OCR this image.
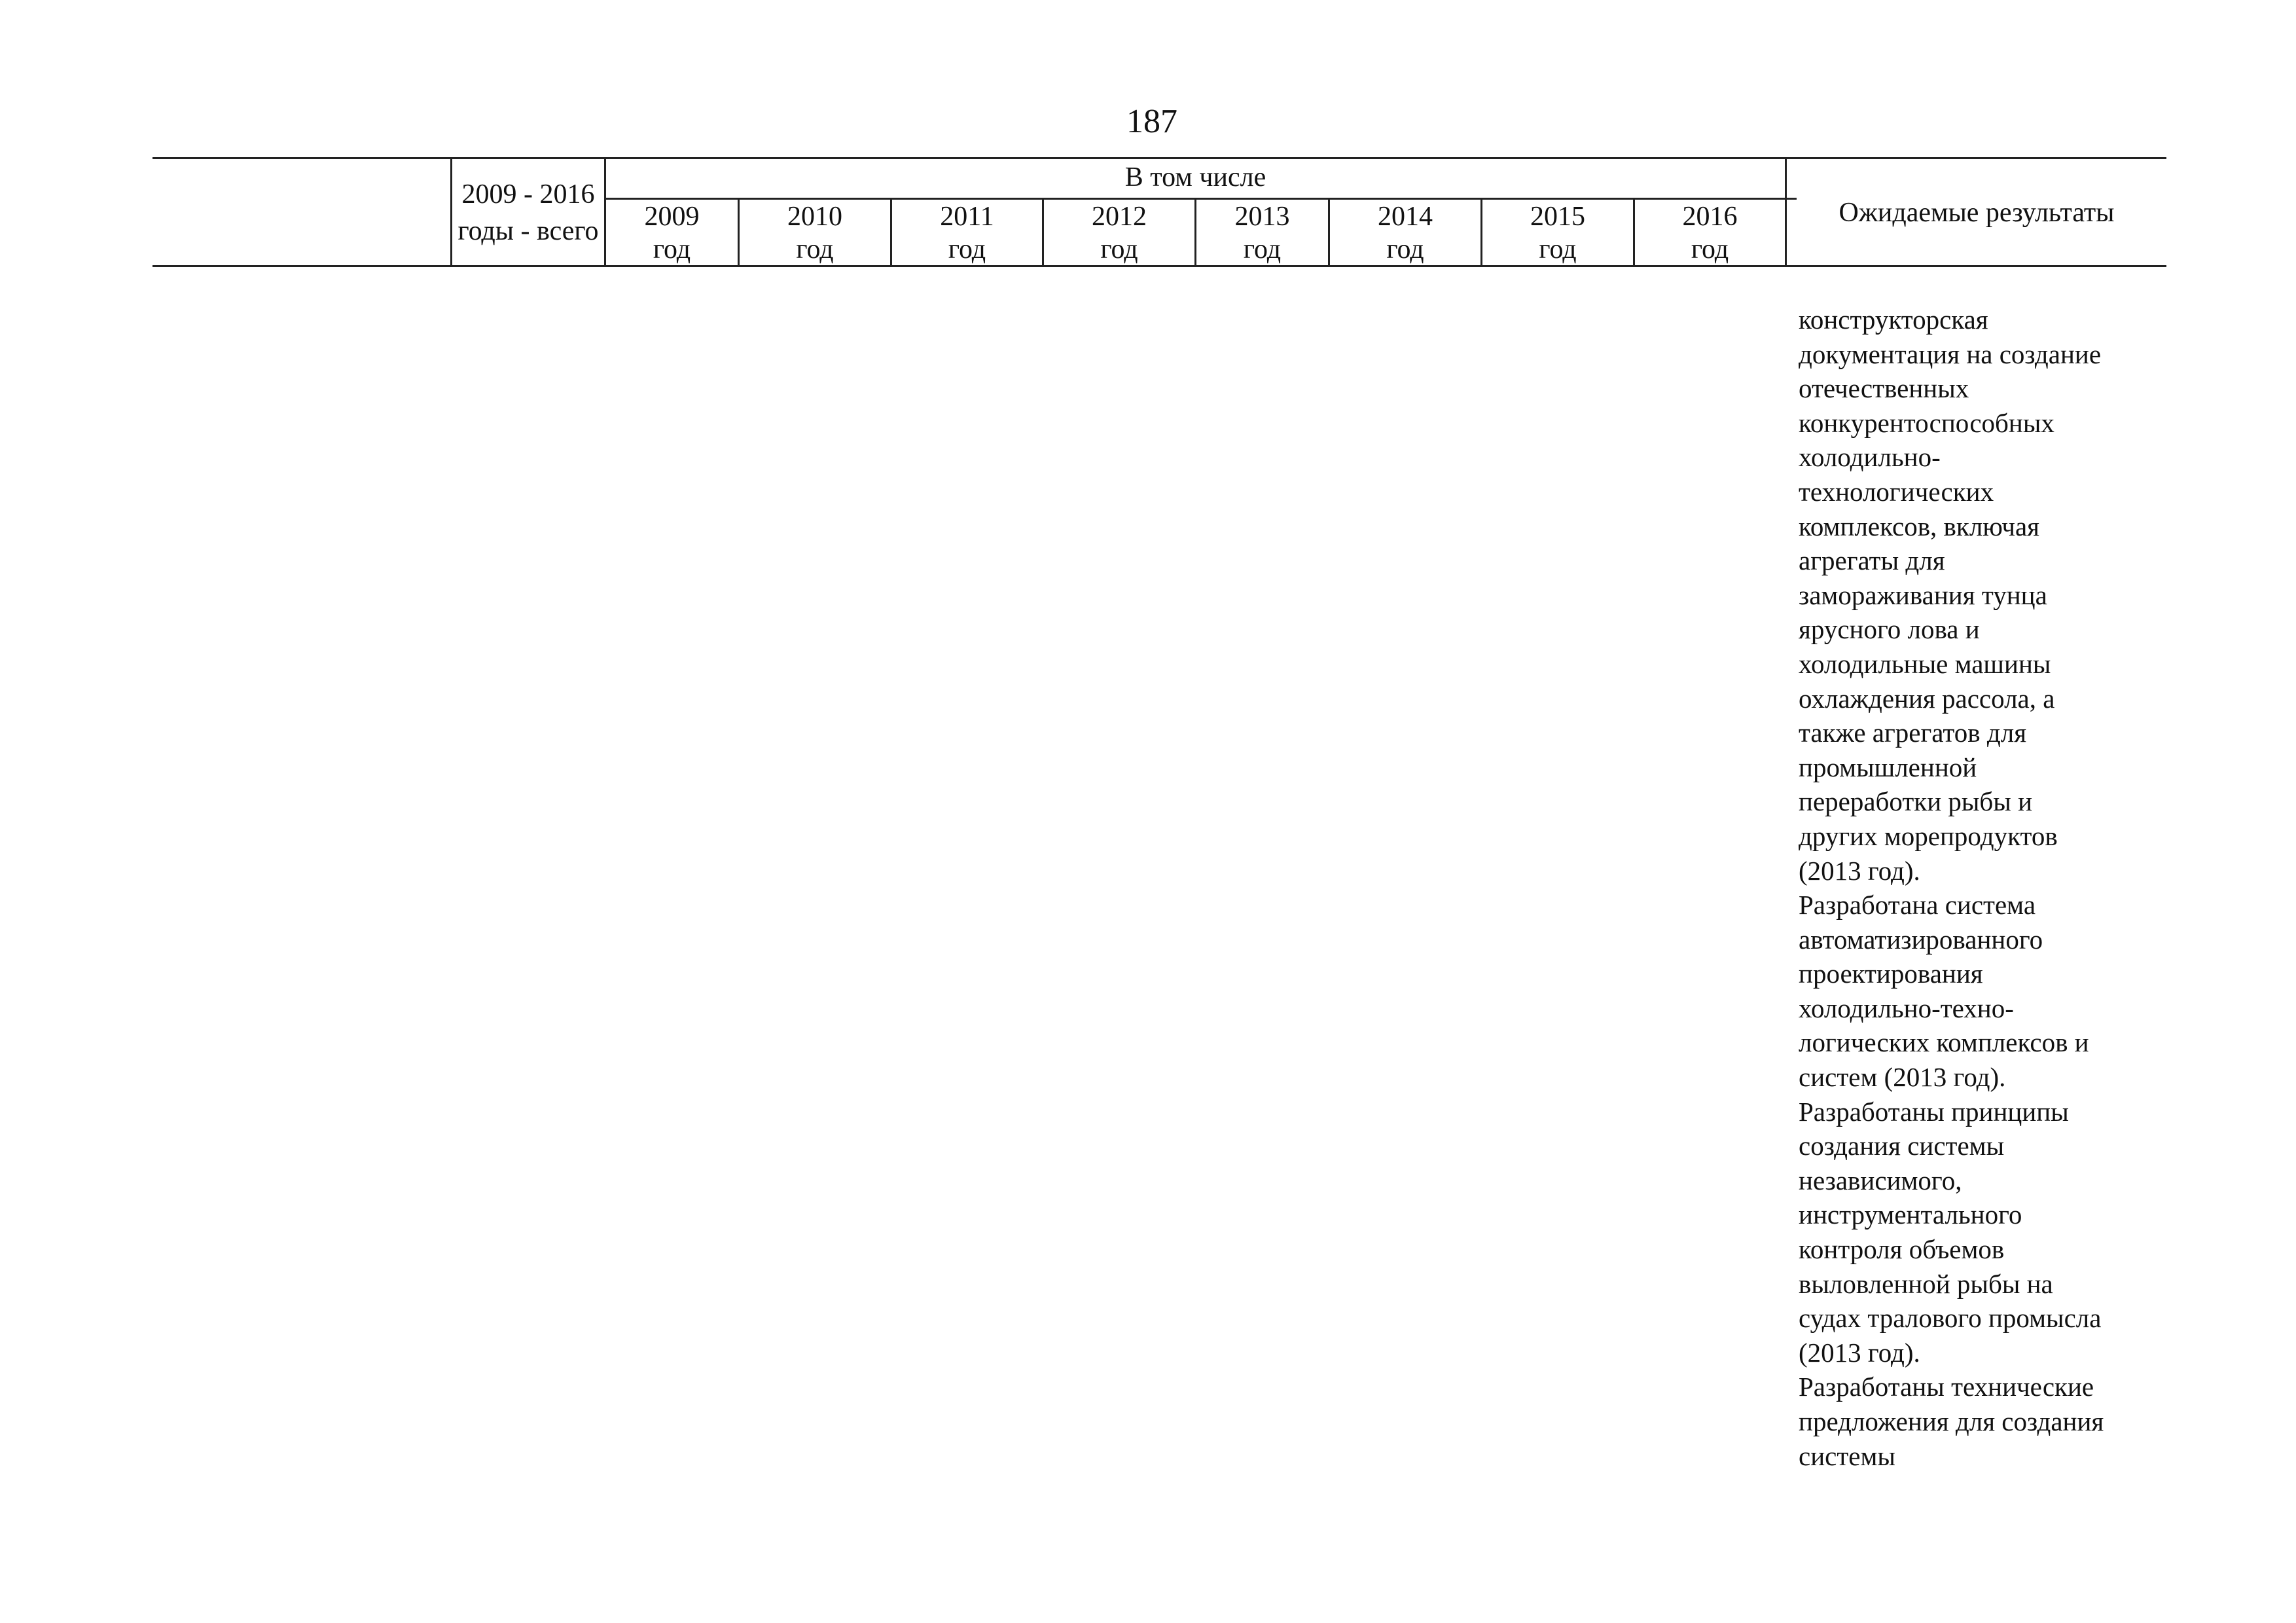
187
2009 - 2016
годы - всего
В том числе
2009
год
2010
год
2011
год
2012
год
2013
год
2014
год
2015
год
2016
год
Ожидаемые результаты

конструкторская

документация на создание

отечественных

конкурентоспособных

холодильно-

технологических

комплексов, включая

агрегаты для

замораживания тунца

ярусного лова и

холодильные машины

охлаждения рассола, а

также агрегатов для

промышленной

переработки рыбы и

других морепродуктов

(2013 год).

Разработана система

автоматизированного

проектирования

холодильно-техно-

логических комплексов и

систем (2013 год).

Разработаны принципы

создания системы

независимого,

инструментального

контроля объемов

выловленной рыбы на

судах тралового промысла

(2013 год).

Разработаны технические

предложения для создания

системы
